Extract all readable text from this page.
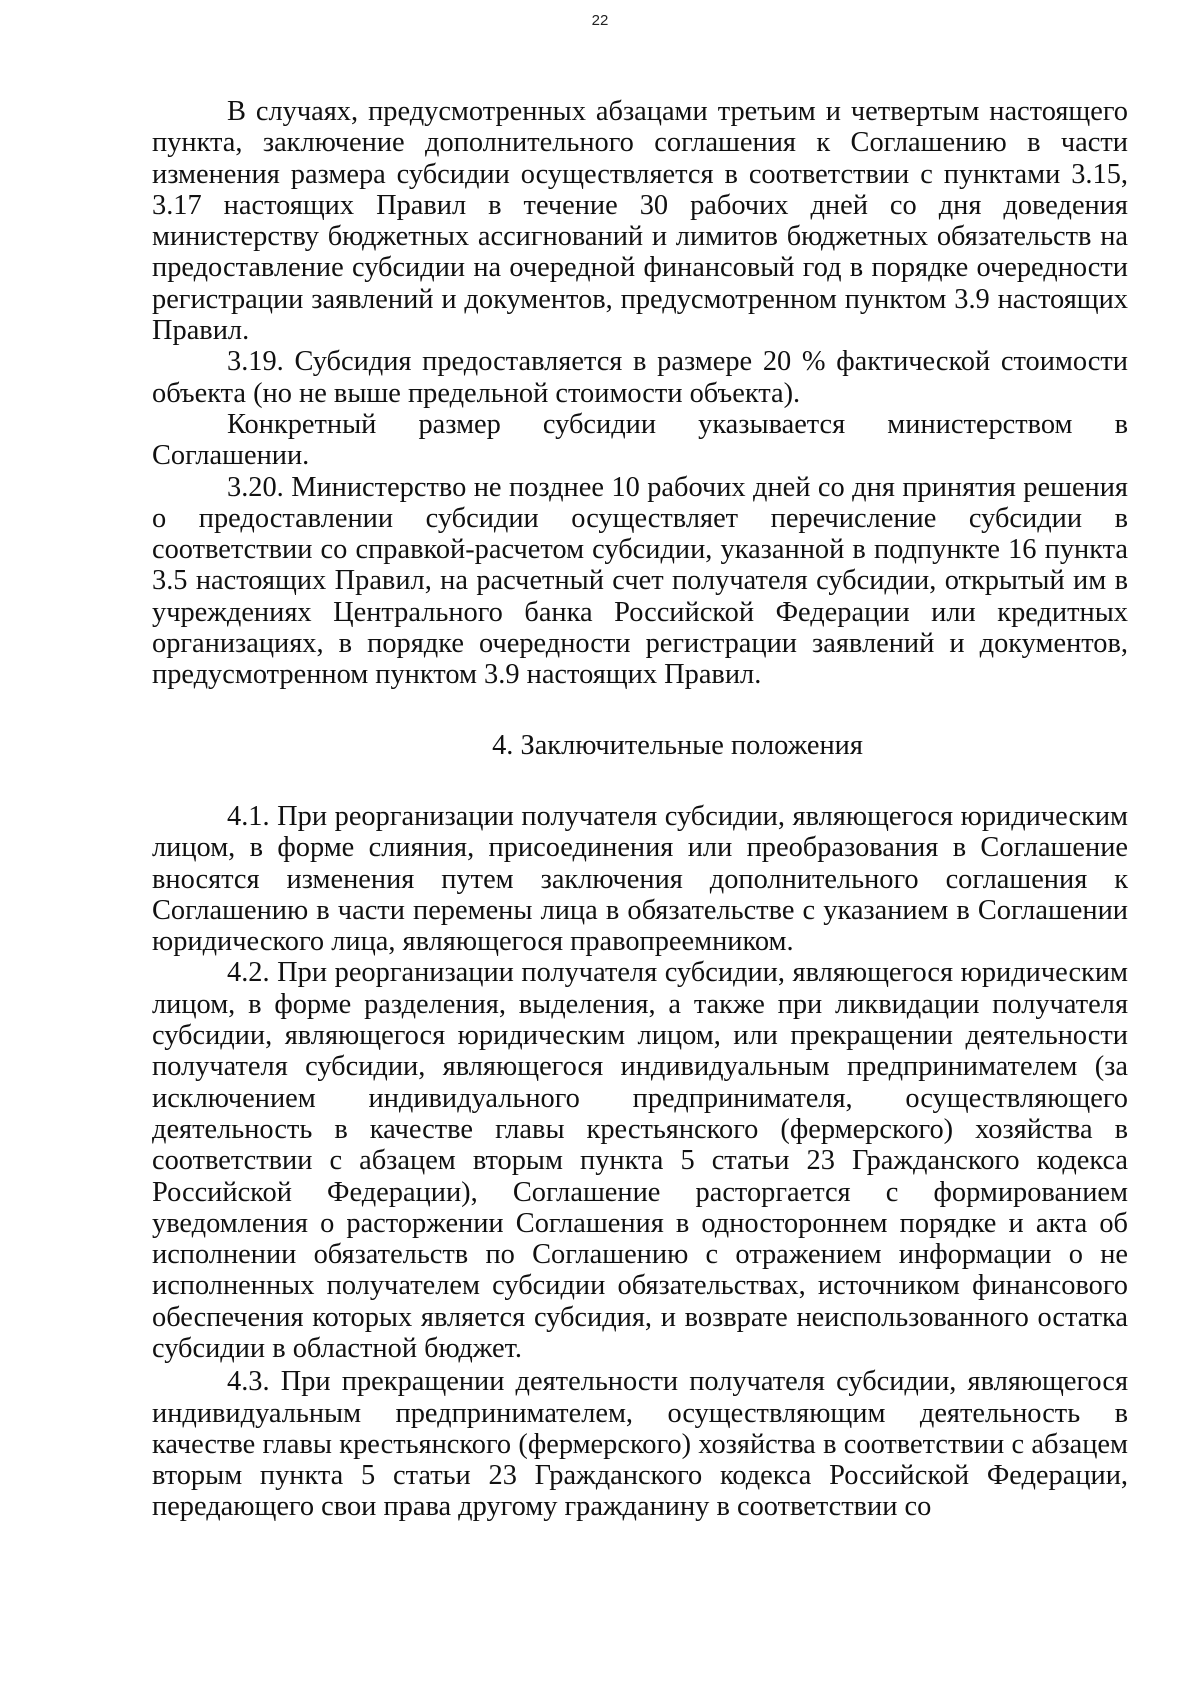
22

В случаях, предусмотренных абзацами третьим и четвертым настоящего пункта, заключение дополнительного соглашения к Соглашению в части изменения размера субсидии осуществляется в соответствии с пунктами 3.15, 3.17 настоящих Правил в течение 30 рабочих дней со дня доведения министерству бюджетных ассигнований и лимитов бюджетных обязательств на предоставление субсидии на очередной финансовый год в порядке очередности регистрации заявлений и документов, предусмотренном пунктом 3.9 настоящих Правил.

3.19. Субсидия предоставляется в размере 20 % фактической стоимости объекта (но не выше предельной стоимости объекта).

Конкретный размер субсидии указывается министерством в

Соглашении.

3.20. Министерство не позднее 10 рабочих дней со дня принятия решения о предоставлении субсидии осуществляет перечисление субсидии в соответствии со справкой-расчетом субсидии, указанной в подпункте 16 пункта 3.5 настоящих Правил, на расчетный счет получателя субсидии, открытый им в учреждениях Центрального банка Российской Федерации или кредитных организациях, в порядке очередности регистрации заявлений и документов, предусмотренном пунктом 3.9 настоящих Правил.

4. Заключительные положения

4.1. При реорганизации получателя субсидии, являющегося юридическим лицом, в форме слияния, присоединения или преобразования в Соглашение вносятся изменения путем заключения дополнительного соглашения к Соглашению в части перемены лица в обязательстве с указанием в Соглашении юридического лица, являющегося правопреемником.

4.2. При реорганизации получателя субсидии, являющегося юридическим лицом, в форме разделения, выделения, а также при ликвидации получателя субсидии, являющегося юридическим лицом, или прекращении деятельности получателя субсидии, являющегося индивидуальным предпринимателем (за исключением индивидуального предпринимателя, осуществляющего деятельность в качестве главы крестьянского (фермерского) хозяйства в соответствии с абзацем вторым пункта 5 статьи 23 Гражданского кодекса Российской Федерации), Соглашение расторгается с формированием уведомления о расторжении Соглашения в одностороннем порядке и акта об исполнении обязательств по Соглашению с отражением информации о не исполненных получателем субсидии обязательствах, источником финансового обеспечения которых является субсидия, и возврате неиспользованного остатка субсидии в областной бюджет.

4.3. При прекращении деятельности получателя субсидии, являющегося индивидуальным предпринимателем, осуществляющим деятельность в качестве главы крестьянского (фермерского) хозяйства в соответствии с абзацем вторым пункта 5 статьи 23 Гражданского кодекса Российской Федерации, передающего свои права другому гражданину в соответствии со
